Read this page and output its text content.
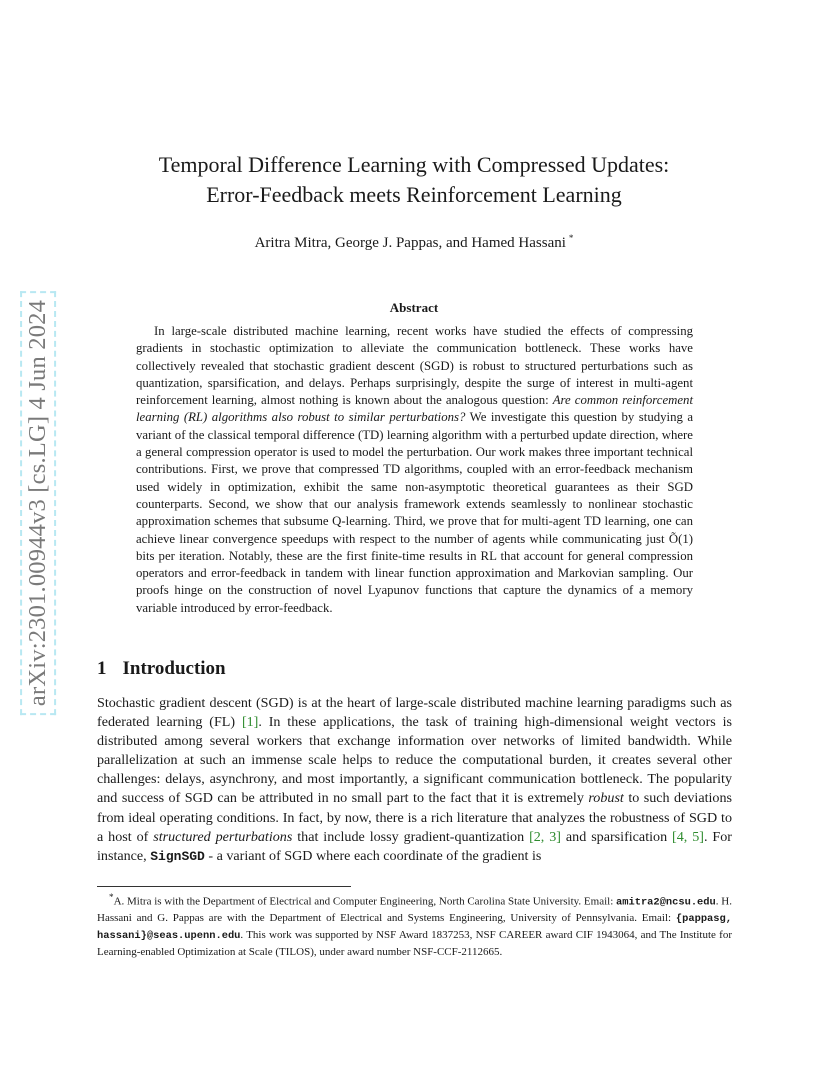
arXiv:2301.00944v3 [cs.LG] 4 Jun 2024
Temporal Difference Learning with Compressed Updates:
Error-Feedback meets Reinforcement Learning
Aritra Mitra, George J. Pappas, and Hamed Hassani *
Abstract

In large-scale distributed machine learning, recent works have studied the effects of compressing gradients in stochastic optimization to alleviate the communication bottleneck. These works have collectively revealed that stochastic gradient descent (SGD) is robust to structured perturbations such as quantization, sparsification, and delays. Perhaps surprisingly, despite the surge of interest in multi-agent reinforcement learning, almost nothing is known about the analogous question: Are common reinforcement learning (RL) algorithms also robust to similar perturbations? We investigate this question by studying a variant of the classical temporal difference (TD) learning algorithm with a perturbed update direction, where a general compression operator is used to model the perturbation. Our work makes three important technical contributions. First, we prove that compressed TD algorithms, coupled with an error-feedback mechanism used widely in optimization, exhibit the same non-asymptotic theoretical guarantees as their SGD counterparts. Second, we show that our analysis framework extends seamlessly to nonlinear stochastic approximation schemes that subsume Q-learning. Third, we prove that for multi-agent TD learning, one can achieve linear convergence speedups with respect to the number of agents while communicating just Õ(1) bits per iteration. Notably, these are the first finite-time results in RL that account for general compression operators and error-feedback in tandem with linear function approximation and Markovian sampling. Our proofs hinge on the construction of novel Lyapunov functions that capture the dynamics of a memory variable introduced by error-feedback.

1 Introduction

Stochastic gradient descent (SGD) is at the heart of large-scale distributed machine learning paradigms such as federated learning (FL) [1]. In these applications, the task of training high-dimensional weight vectors is distributed among several workers that exchange information over networks of limited bandwidth. While parallelization at such an immense scale helps to reduce the computational burden, it creates several other challenges: delays, asynchrony, and most importantly, a significant communication bottleneck. The popularity and success of SGD can be attributed in no small part to the fact that it is extremely robust to such deviations from ideal operating conditions. In fact, by now, there is a rich literature that analyzes the robustness of SGD to a host of structured perturbations that include lossy gradient-quantization [2, 3] and sparsification [4, 5]. For instance, SignSGD - a variant of SGD where each coordinate of the gradient is

*A. Mitra is with the Department of Electrical and Computer Engineering, North Carolina State University. Email: amitra2@ncsu.edu. H. Hassani and G. Pappas are with the Department of Electrical and Systems Engineering, University of Pennsylvania. Email: {pappasg, hassani}@seas.upenn.edu. This work was supported by NSF Award 1837253, NSF CAREER award CIF 1943064, and The Institute for Learning-enabled Optimization at Scale (TILOS), under award number NSF-CCF-2112665.
